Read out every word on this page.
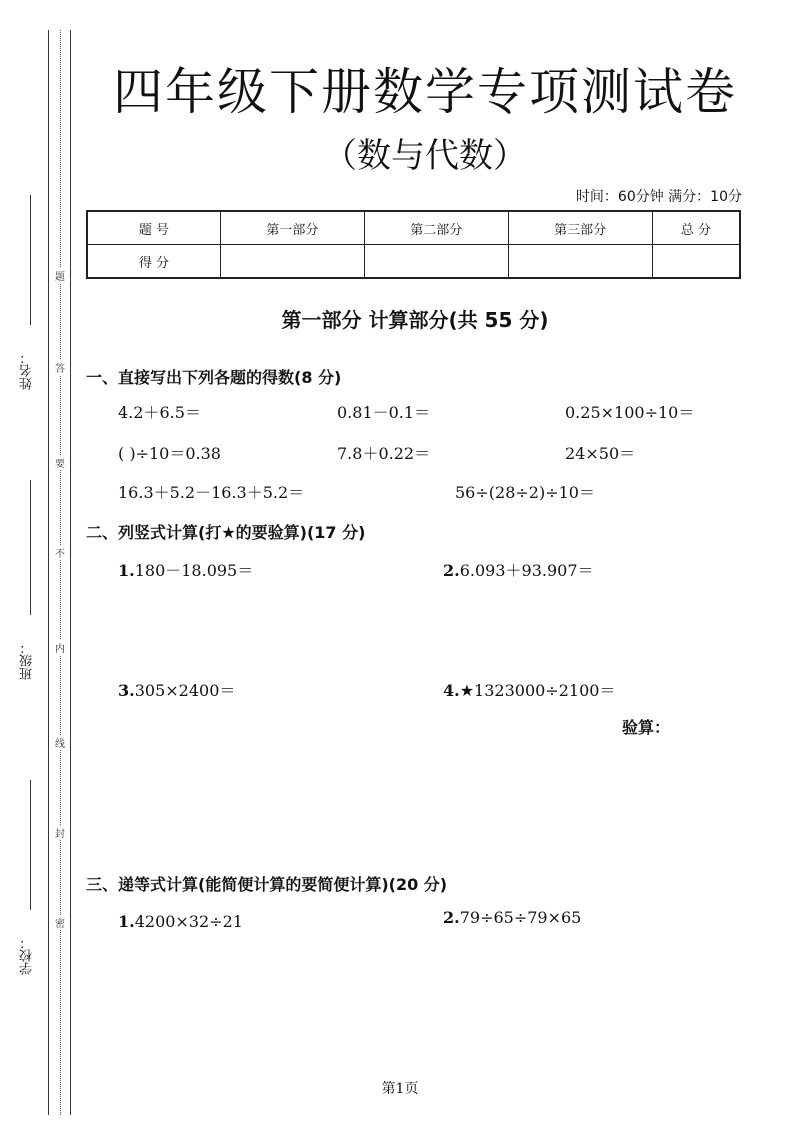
姓名：
班级：
学校：
密
封
线
内
不
要
答
题
四年级下册数学专项测试卷
（数与代数）
时间：60分钟 满分：10分
题 号	第一部分	第二部分	第三部分	总 分
得 分				
第一部分 计算部分(共 55 分)
一、直接写出下列各题的得数(8 分)
4.2＋6.5＝	0.81－0.1＝	0.25×100÷10＝
( )÷10＝0.38	7.8＋0.22＝	24×50＝
16.3＋5.2－16.3＋5.2＝	56÷(28÷2)÷10＝
二、列竖式计算(打★的要验算)(17 分)
1.180－18.095＝	2.6.093＋93.907＝
3.305×2400＝	4.★1323000÷2100＝
验算：
三、递等式计算(能简便计算的要简便计算)(20 分)
1.4200×32÷21	2.79÷65÷79×65
第1页
